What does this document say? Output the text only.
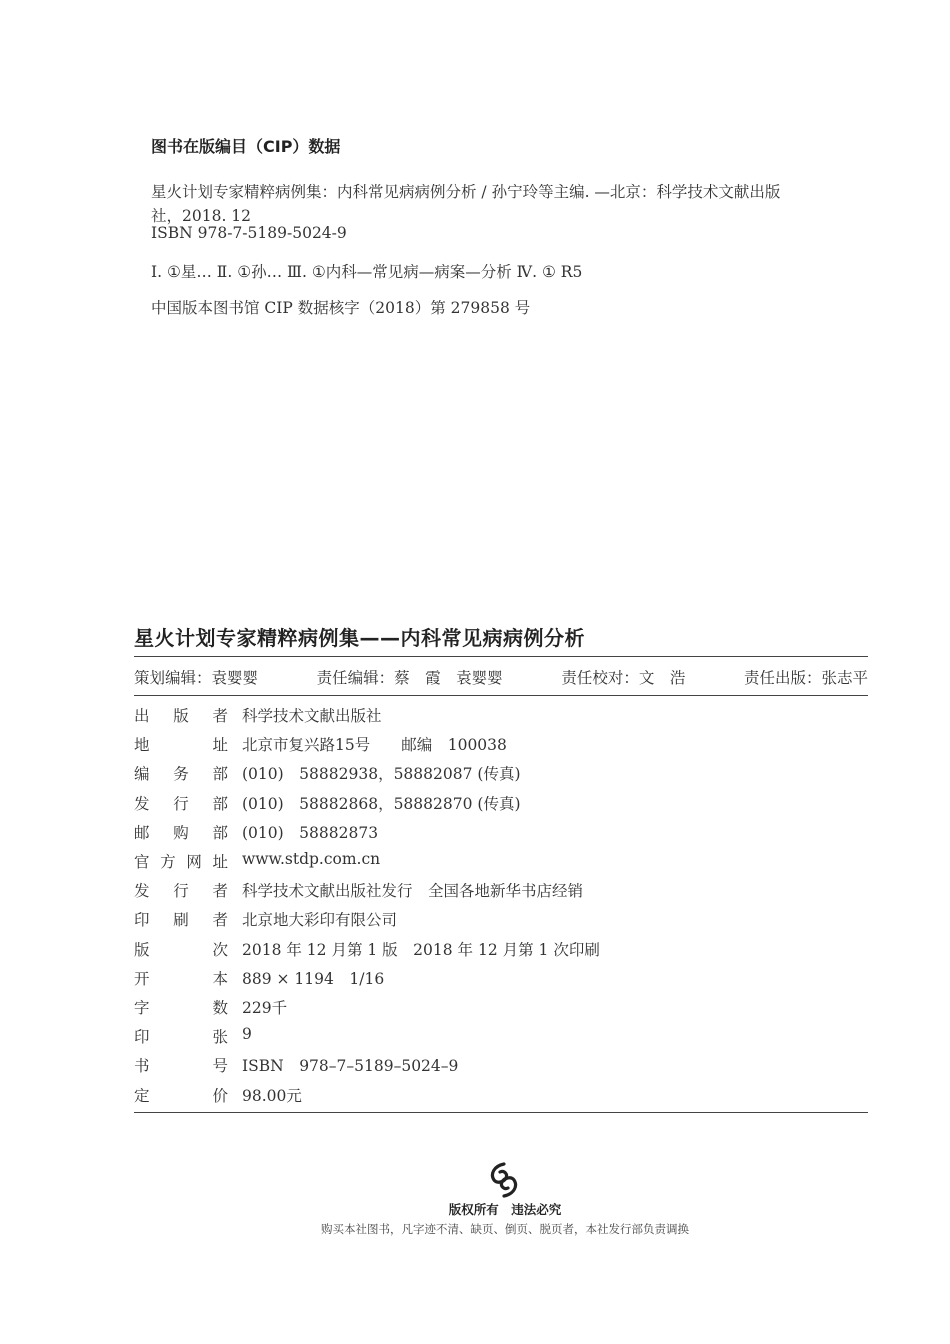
图书在版编目（CIP）数据
星火计划专家精粹病例集：内科常见病病例分析 / 孙宁玲等主编. —北京：科学技术文献出版
社，2018. 12
ISBN 978-7-5189-5024-9
Ⅰ. ①星… Ⅱ. ①孙… Ⅲ. ①内科—常见病—病案—分析 Ⅳ. ① R5
中国版本图书馆 CIP 数据核字（2018）第 279858 号
星火计划专家精粹病例集——内科常见病病例分析
策划编辑：袁婴婴	责任编辑：蔡　霞　袁婴婴	责任校对：文　浩	责任出版：张志平
出 版 者 科学技术文献出版社
地	址 北京市复兴路15号　　邮编　100038
编 务 部 (010)　58882938，58882087 (传真)
发 行 部 (010)　58882868，58882870 (传真)
邮 购 部 (010)　58882873
官 方 网 址 www.stdp.com.cn
发 行 者 科学技术文献出版社发行　全国各地新华书店经销
印 刷 者 北京地大彩印有限公司
版	次 2018 年 12 月第 1 版　2018 年 12 月第 1 次印刷
开	本 889 × 1194　1/16
字	数 229千
印	张 9
书	号 ISBN　978–7–5189–5024–9
定	价 98.00元
版权所有　违法必究
购买本社图书，凡字迹不清、缺页、倒页、脱页者，本社发行部负责调换
